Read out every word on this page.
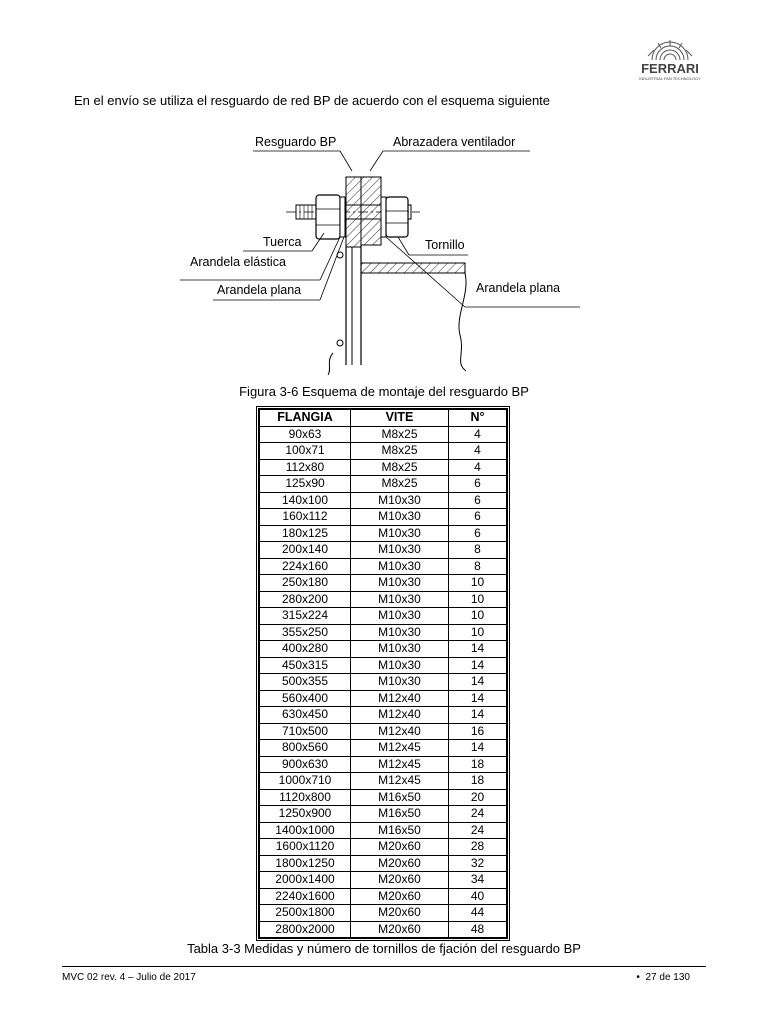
FERRARI
INDUSTRIAL FAN TECHNOLOGY
En el envío se utiliza el resguardo de red BP de acuerdo con el esquema siguiente
Resguardo BP	Abrazadera ventilador
Tuerca
Arandela elástica
Arandela plana
Tornillo
Arandela plana
Figura 3-6 Esquema de montaje del resguardo BP
FLANGIA	VITE	N°
90x63	M8x25	4
100x71	M8x25	4
112x80	M8x25	4
125x90	M8x25	6
140x100	M10x30	6
160x112	M10x30	6
180x125	M10x30	6
200x140	M10x30	8
224x160	M10x30	8
250x180	M10x30	10
280x200	M10x30	10
315x224	M10x30	10
355x250	M10x30	10
400x280	M10x30	14
450x315	M10x30	14
500x355	M10x30	14
560x400	M12x40	14
630x450	M12x40	14
710x500	M12x40	16
800x560	M12x45	14
900x630	M12x45	18
1000x710	M12x45	18
1120x800	M16x50	20
1250x900	M16x50	24
1400x1000	M16x50	24
1600x1120	M20x60	28
1800x1250	M20x60	32
2000x1400	M20x60	34
2240x1600	M20x60	40
2500x1800	M20x60	44
2800x2000	M20x60	48
Tabla 3-3 Medidas y número de tornillos de fjación del resguardo BP
MVC 02 rev. 4 – Julio de 2017	• 27 de 130
